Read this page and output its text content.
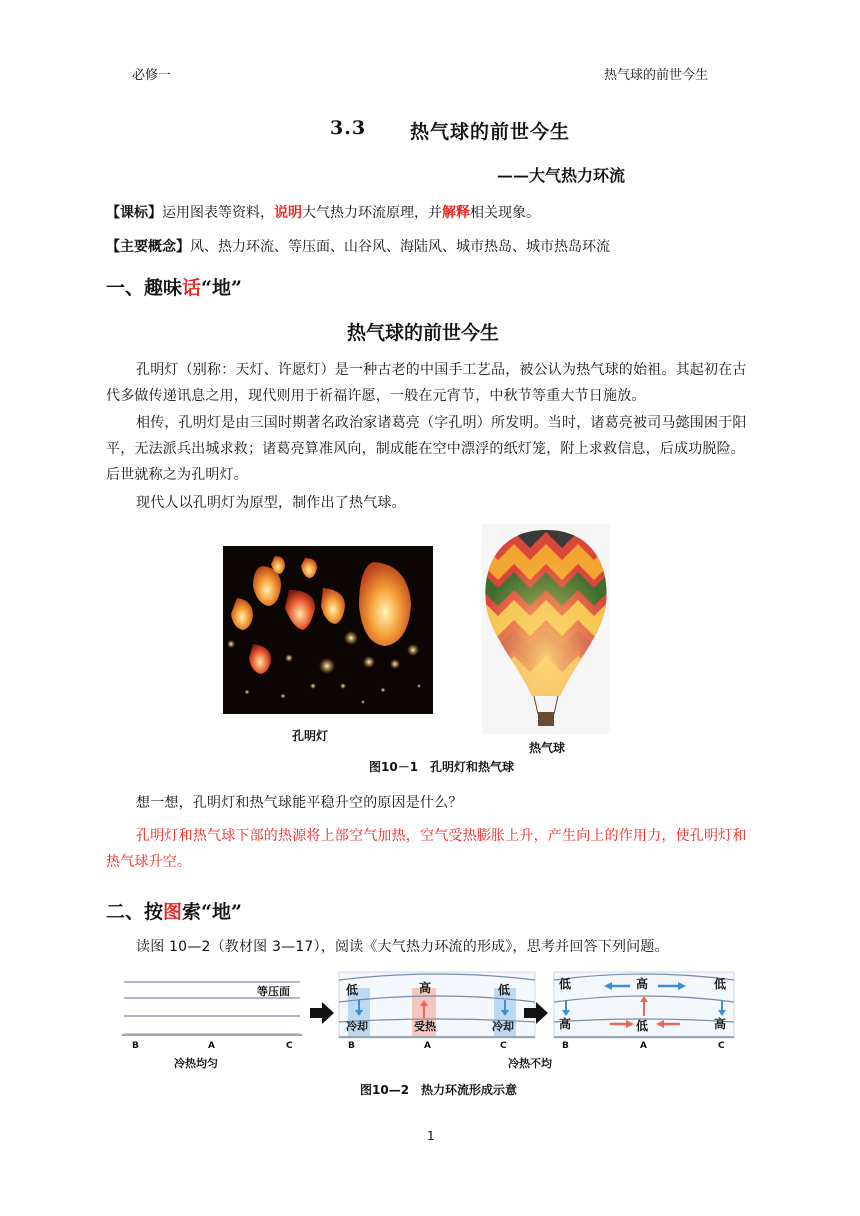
必修一	热气球的前世今生
3.3 热气球的前世今生
——大气热力环流
【课标】运用图表等资料，说明大气热力环流原理，并解释相关现象。
【主要概念】风、热力环流、等压面、山谷风、海陆风、城市热岛、城市热岛环流
一、趣味话“地”
热气球的前世今生
孔明灯（别称：天灯、许愿灯）是一种古老的中国手工艺品，被公认为热气球的始祖。其起初在古代多做传递讯息之用，现代则用于祈福许愿，一般在元宵节，中秋节等重大节日施放。
相传，孔明灯是由三国时期著名政治家诸葛亮（字孔明）所发明。当时，诸葛亮被司马懿围困于阳平，无法派兵出城求救；诸葛亮算准风向，制成能在空中漂浮的纸灯笼，附上求救信息，后成功脱险。后世就称之为孔明灯。
现代人以孔明灯为原型，制作出了热气球。
孔明灯
热气球
图10－1　孔明灯和热气球
想一想，孔明灯和热气球能平稳升空的原因是什么？
孔明灯和热气球下部的热源将上部空气加热，空气受热膨胀上升，产生向上的作用力，使孔明灯和热气球升空。
二、按图索“地”
读图 10—2（教材图 3—17），阅读《大气热力环流的形成》，思考并回答下列问题。
等压面
B	A	C
冷热均匀
低	高	低
冷却	受热	冷却
B	A	C
冷热不均
低	高	低
高	低	高
B	A	C
图10—2　热力环流形成示意
1
